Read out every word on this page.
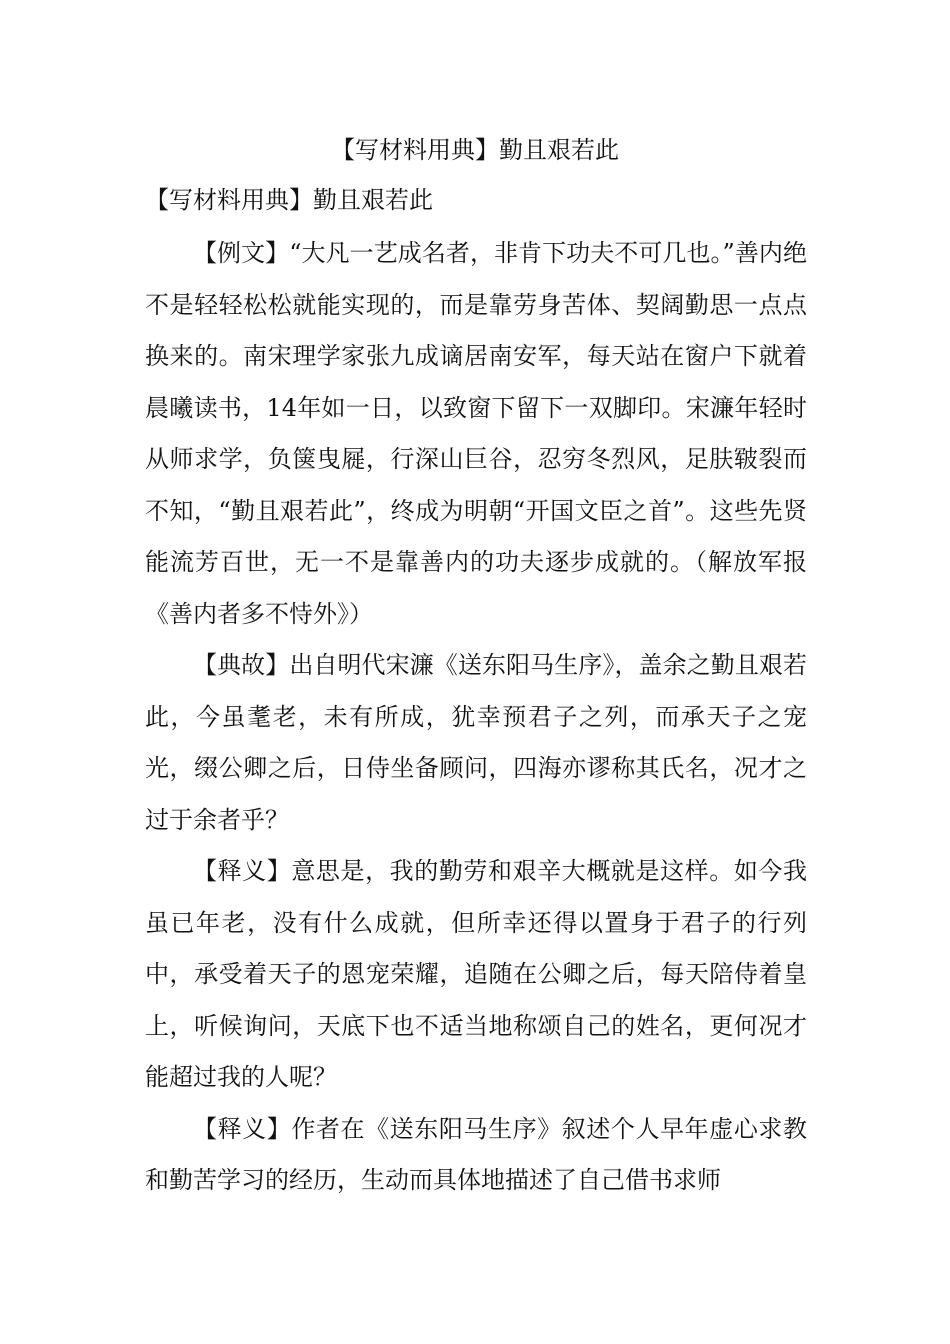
【写材料用典】勤且艰若此
【写材料用典】勤且艰若此

【例文】“大凡一艺成名者，非肯下功夫不可几也。”善内绝不是轻轻松松就能实现的，而是靠劳身苦体、契阔勤思一点点换来的。南宋理学家张九成谪居南安军，每天站在窗户下就着晨曦读书，14年如一日，以致窗下留下一双脚印。宋濂年轻时从师求学，负箧曳屣，行深山巨谷，忍穷冬烈风，足肤皲裂而不知，“勤且艰若此”，终成为明朝“开国文臣之首”。这些先贤能流芳百世，无一不是靠善内的功夫逐步成就的。（解放军报《善内者多不恃外》）

【典故】出自明代宋濂《送东阳马生序》，盖余之勤且艰若此，今虽耄老，未有所成，犹幸预君子之列，而承天子之宠光，缀公卿之后，日侍坐备顾问，四海亦谬称其氏名，况才之过于余者乎？

【释义】意思是，我的勤劳和艰辛大概就是这样。如今我虽已年老，没有什么成就，但所幸还得以置身于君子的行列中，承受着天子的恩宠荣耀，追随在公卿之后，每天陪侍着皇上，听候询问，天底下也不适当地称颂自己的姓名，更何况才能超过我的人呢？

【释义】作者在《送东阳马生序》叙述个人早年虚心求教和勤苦学习的经历，生动而具体地描述了自己借书求师
